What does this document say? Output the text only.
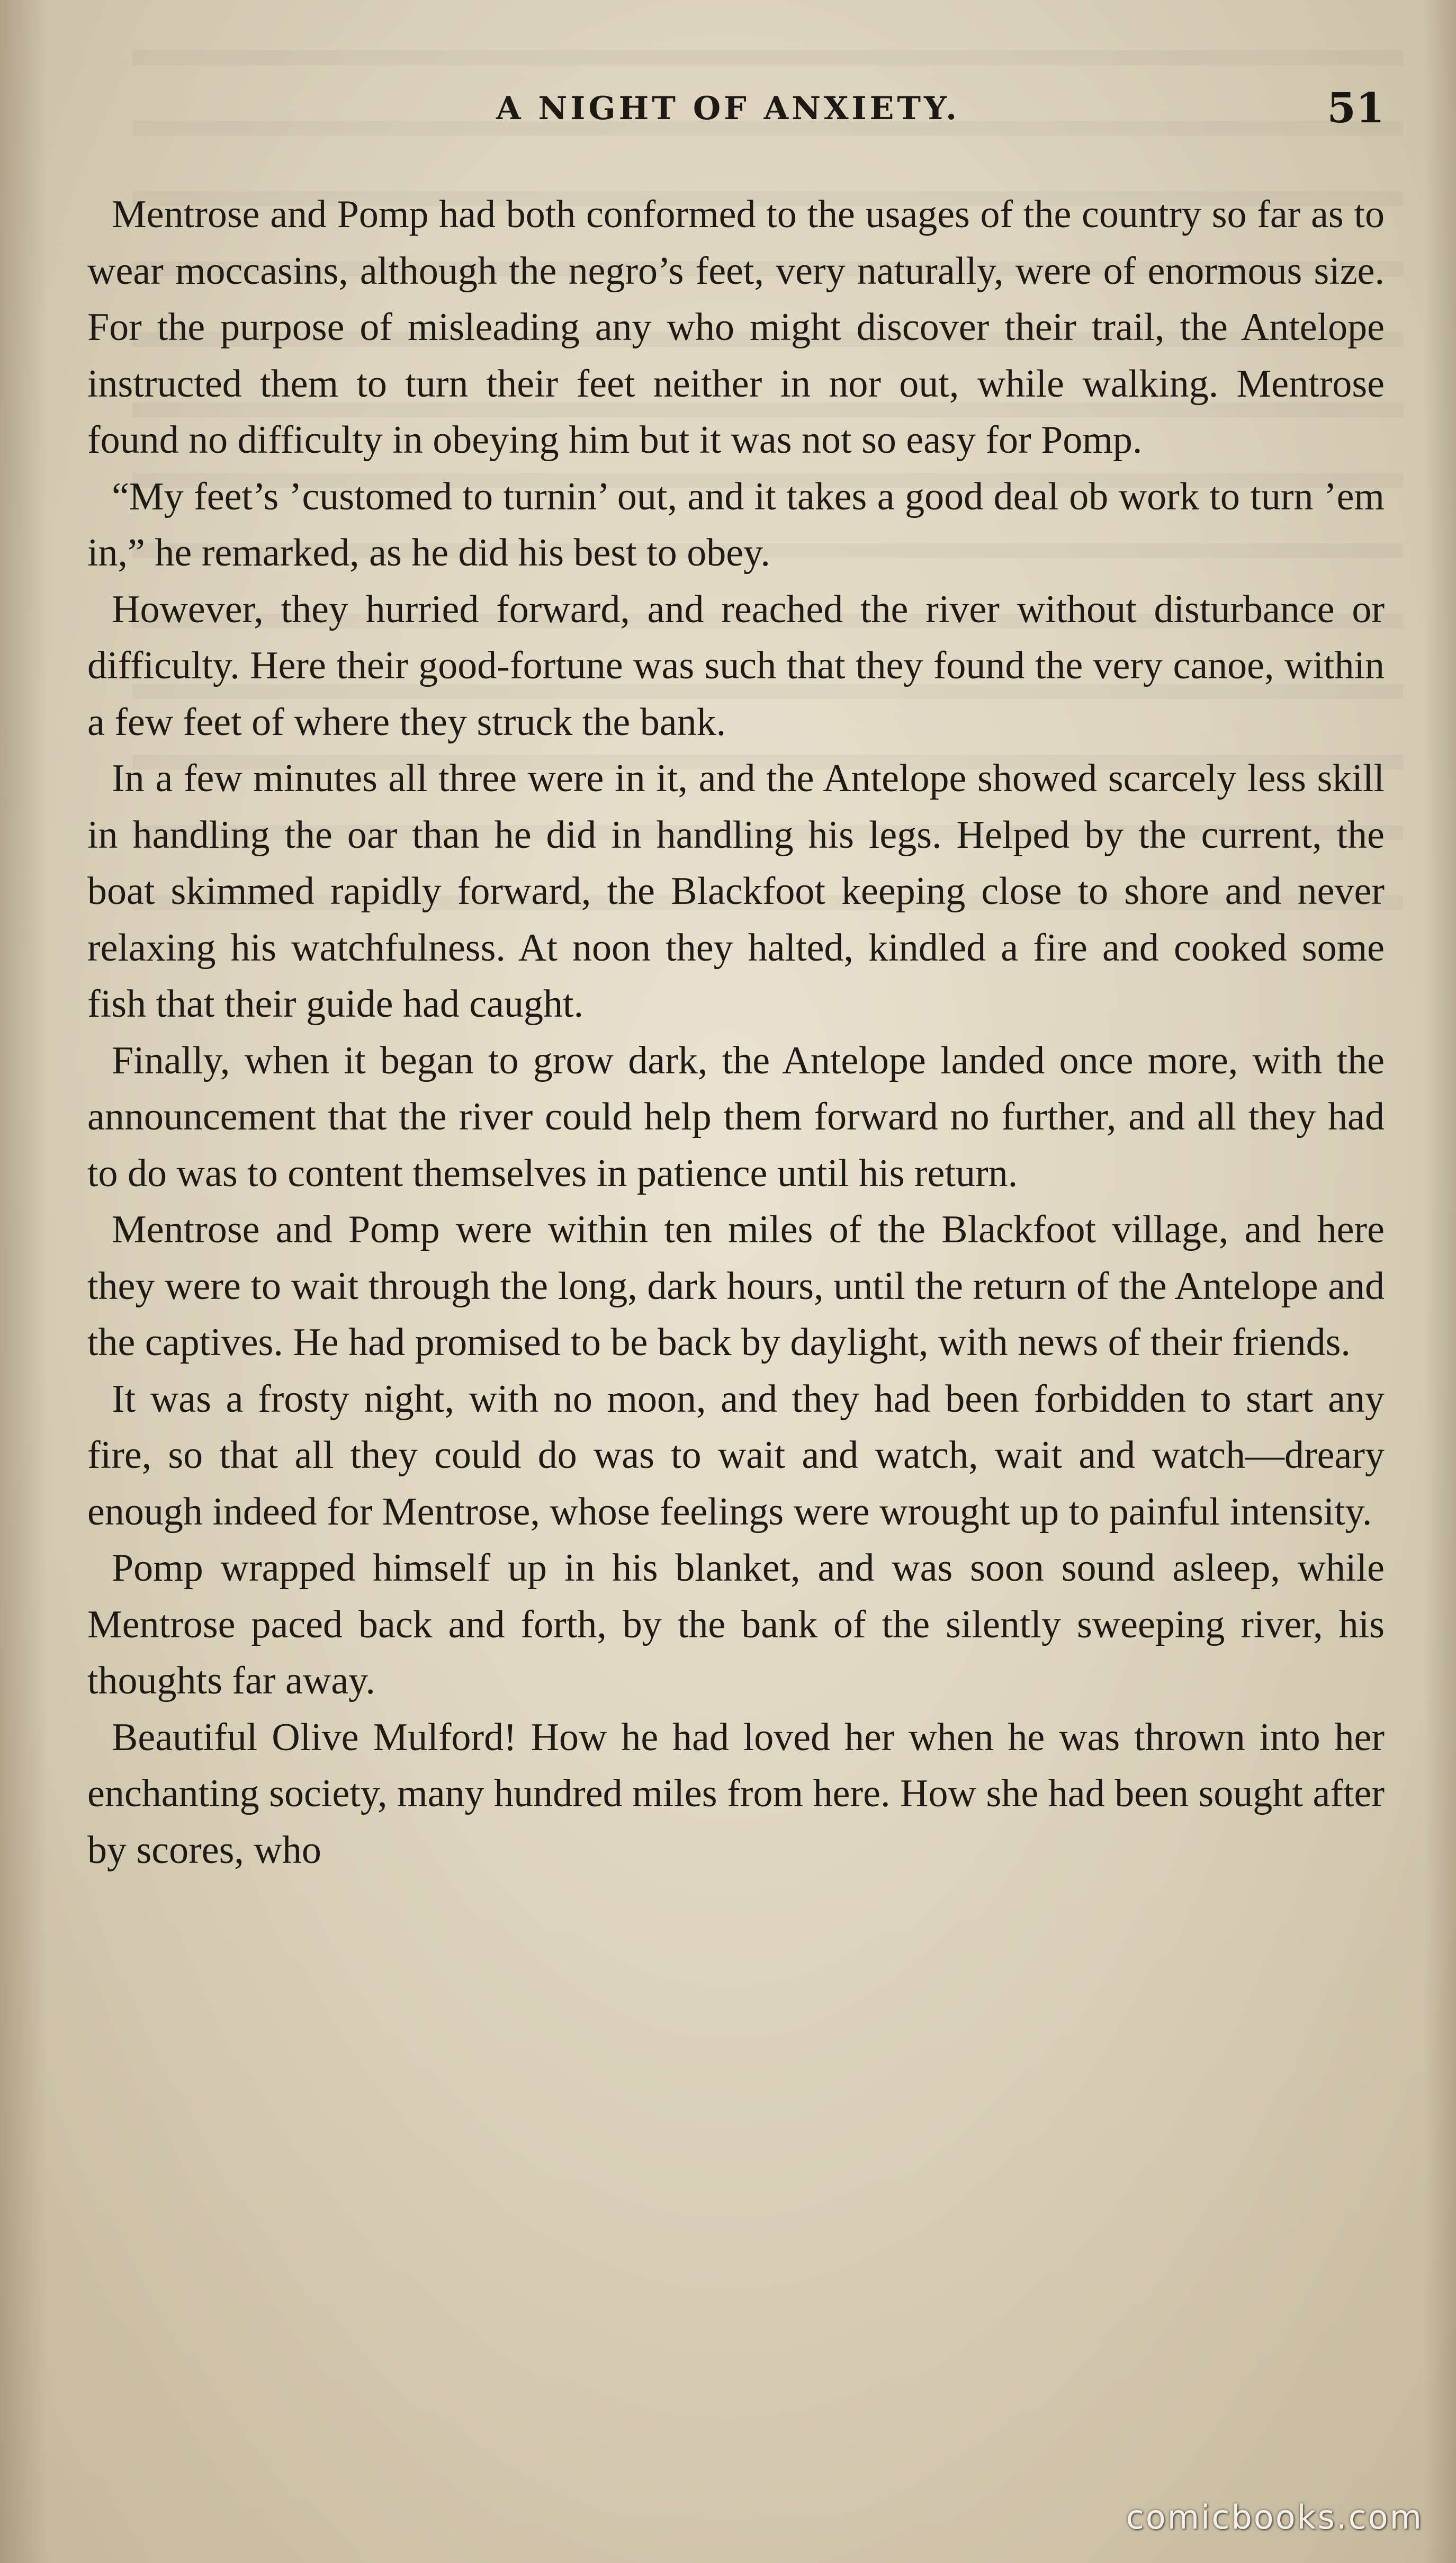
A NIGHT OF ANXIETY.	51

Mentrose and Pomp had both conformed to the usages of the country so far as to wear moccasins, although the negro’s feet, very naturally, were of enormous size. For the purpose of misleading any who might discover their trail, the Antelope instructed them to turn their feet neither in nor out, while walking. Mentrose found no difficulty in obeying him but it was not so easy for Pomp.

“My feet’s ’customed to turnin’ out, and it takes a good deal ob work to turn ’em in,” he remarked, as he did his best to obey.

However, they hurried forward, and reached the river without disturbance or difficulty. Here their good-fortune was such that they found the very canoe, within a few feet of where they struck the bank.

In a few minutes all three were in it, and the Antelope showed scarcely less skill in handling the oar than he did in handling his legs. Helped by the current, the boat skimmed rapidly forward, the Blackfoot keeping close to shore and never relaxing his watchfulness. At noon they halted, kindled a fire and cooked some fish that their guide had caught.

Finally, when it began to grow dark, the Antelope landed once more, with the announcement that the river could help them forward no further, and all they had to do was to content themselves in patience until his return.

Mentrose and Pomp were within ten miles of the Blackfoot village, and here they were to wait through the long, dark hours, until the return of the Antelope and the captives. He had promised to be back by daylight, with news of their friends.

It was a frosty night, with no moon, and they had been forbidden to start any fire, so that all they could do was to wait and watch, wait and watch—dreary enough indeed for Mentrose, whose feelings were wrought up to painful intensity.

Pomp wrapped himself up in his blanket, and was soon sound asleep, while Mentrose paced back and forth, by the bank of the silently sweeping river, his thoughts far away.

Beautiful Olive Mulford! How he had loved her when he was thrown into her enchanting society, many hundred miles from here. How she had been sought after by scores, who

comicbooks.com
